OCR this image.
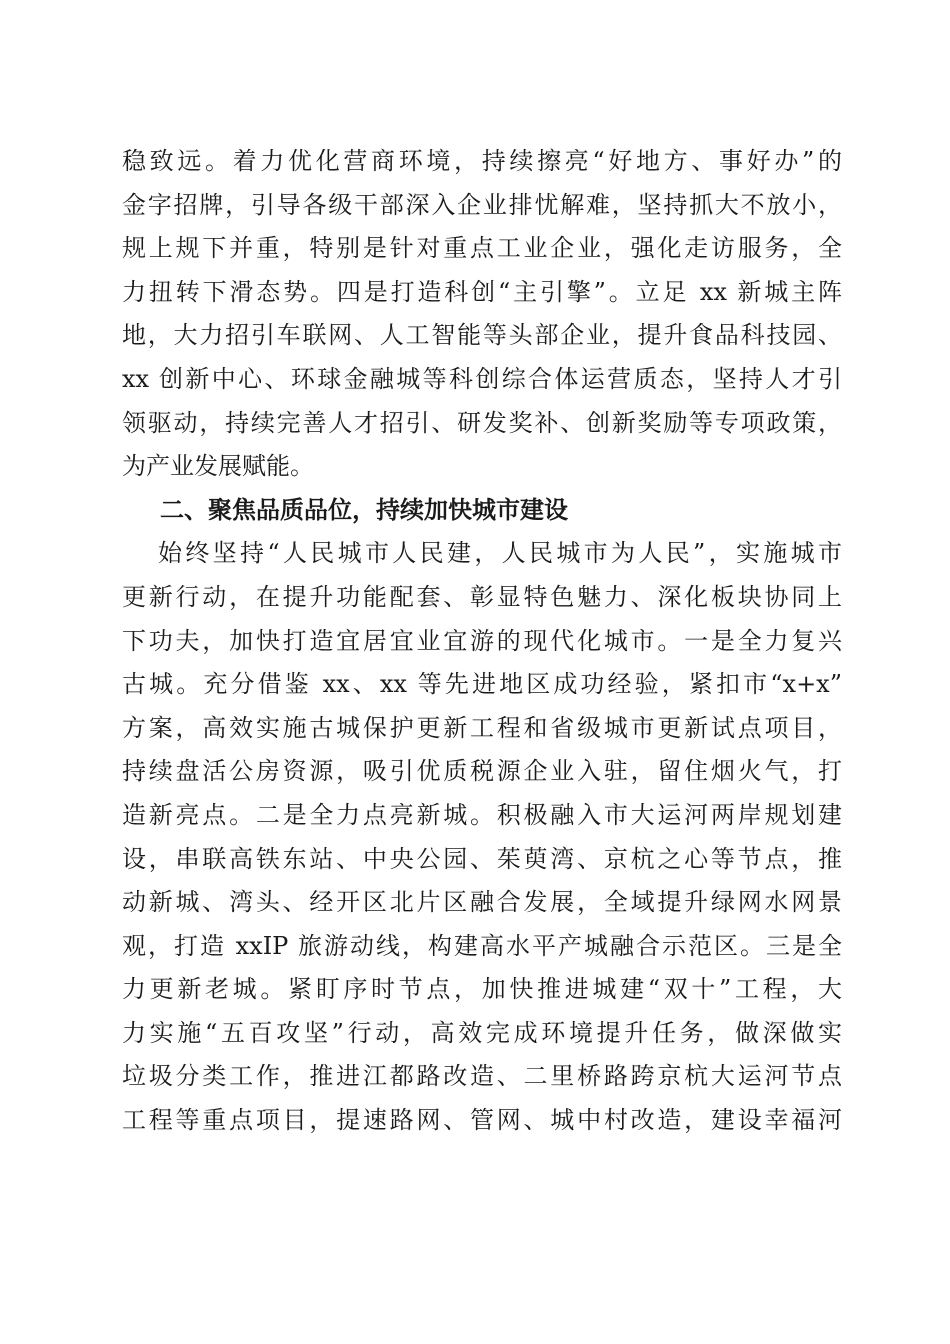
稳致远。着力优化营商环境，持续擦亮“好地方、事好办”的
金字招牌，引导各级干部深入企业排忧解难，坚持抓大不放小，
规上规下并重，特别是针对重点工业企业，强化走访服务，全
力扭转下滑态势。四是打造科创“主引擎”。立足 xx 新城主阵
地，大力招引车联网、人工智能等头部企业，提升食品科技园、
xx 创新中心、环球金融城等科创综合体运营质态，坚持人才引
领驱动，持续完善人才招引、研发奖补、创新奖励等专项政策，
为产业发展赋能。
二、聚焦品质品位，持续加快城市建设
始终坚持“人民城市人民建，人民城市为人民”，实施城市
更新行动，在提升功能配套、彰显特色魅力、深化板块协同上
下功夫，加快打造宜居宜业宜游的现代化城市。一是全力复兴
古城。充分借鉴 xx、xx 等先进地区成功经验，紧扣市“x+x”
方案，高效实施古城保护更新工程和省级城市更新试点项目，
持续盘活公房资源，吸引优质税源企业入驻，留住烟火气，打
造新亮点。二是全力点亮新城。积极融入市大运河两岸规划建
设，串联高铁东站、中央公园、茱萸湾、京杭之心等节点，推
动新城、湾头、经开区北片区融合发展，全域提升绿网水网景
观，打造 xxIP 旅游动线，构建高水平产城融合示范区。三是全
力更新老城。紧盯序时节点，加快推进城建“双十”工程，大
力实施“五百攻坚”行动，高效完成环境提升任务，做深做实
垃圾分类工作，推进江都路改造、二里桥路跨京杭大运河节点
工程等重点项目，提速路网、管网、城中村改造，建设幸福河
